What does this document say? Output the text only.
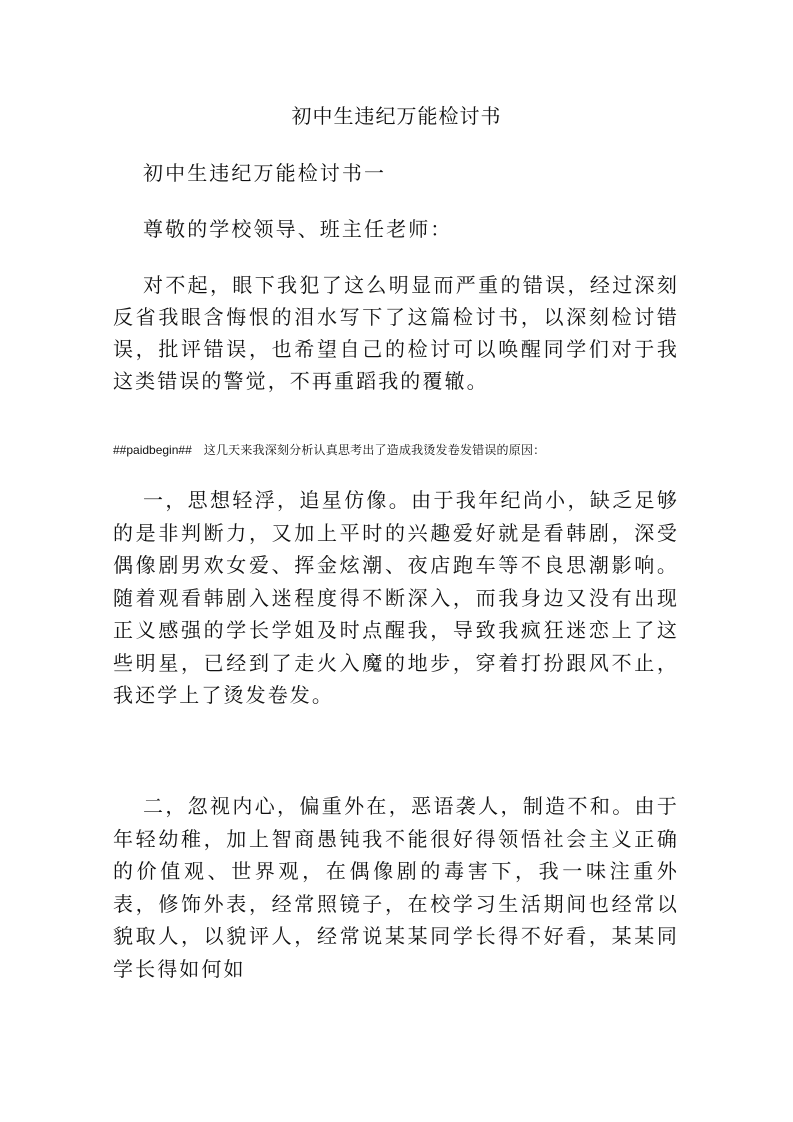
初中生违纪万能检讨书

初中生违纪万能检讨书一

尊敬的学校领导、班主任老师：

对不起，眼下我犯了这么明显而严重的错误，经过深刻反省我眼含悔恨的泪水写下了这篇检讨书，以深刻检讨错误，批评错误，也希望自己的检讨可以唤醒同学们对于我这类错误的警觉，不再重蹈我的覆辙。

##paidbegin## 这几天来我深刻分析认真思考出了造成我烫发卷发错误的原因：

一，思想轻浮，追星仿像。由于我年纪尚小，缺乏足够的是非判断力，又加上平时的兴趣爱好就是看韩剧，深受偶像剧男欢女爱、挥金炫潮、夜店跑车等不良思潮影响。随着观看韩剧入迷程度得不断深入，而我身边又没有出现正义感强的学长学姐及时点醒我，导致我疯狂迷恋上了这些明星，已经到了走火入魔的地步，穿着打扮跟风不止，我还学上了烫发卷发。

二，忽视内心，偏重外在，恶语袭人，制造不和。由于年轻幼稚，加上智商愚钝我不能很好得领悟社会主义正确的价值观、世界观，在偶像剧的毒害下，我一味注重外表，修饰外表，经常照镜子，在校学习生活期间也经常以貌取人，以貌评人，经常说某某同学长得不好看，某某同学长得如何如
